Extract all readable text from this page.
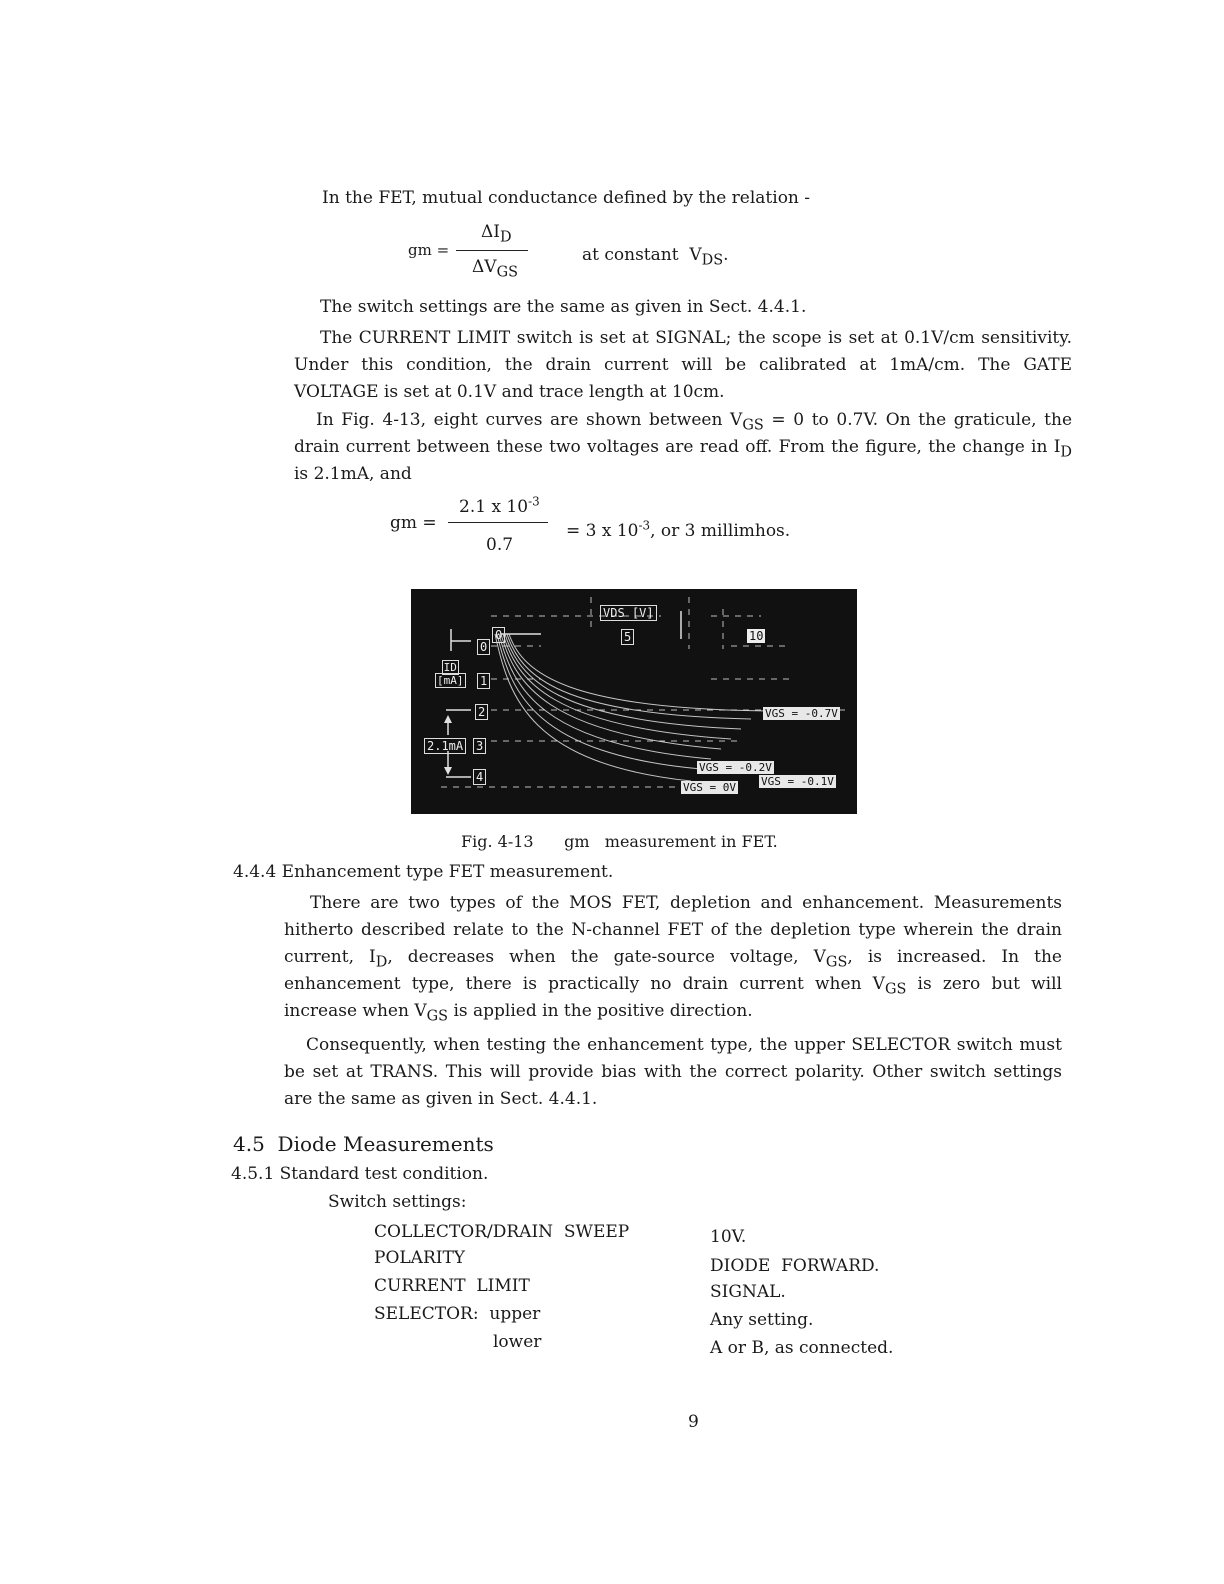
In the FET, mutual conductance defined by the relation -
gm =
$\Delta I_D$
$\Delta V_{GS}$
at constant $V_{DS}$.
The switch settings are the same as given in Sect. 4.4.1.
The CURRENT LIMIT switch is set at SIGNAL; the scope is set at 0.1V/cm sensitivity. Under this condition, the drain current will be calibrated at 1mA/cm. The GATE VOLTAGE is set at 0.1V and trace length at 10cm.
In Fig. 4-13, eight curves are shown between $V_{GS} = 0$ to 0.7V. On the graticule, the drain current between these two voltages are read off. From the figure, the change in $I_D$ is 2.1mA, and
gm =
2.1 x $10^{-3}$
0.7
= 3 x $10^{-3}$, or 3 millimhos.
VDS [V]
5	10
0
0
ID
[mA] 1
2
2.1mA 3
4
VGS = -0.7V
VGS = -0.2V
VGS = -0.1V
VGS = 0V
Fig. 4-13      gm   measurement in FET.
4.4.4 Enhancement type FET measurement.
There are two types of the MOS FET, depletion and enhancement. Measurements hitherto described relate to the N-channel FET of the depletion type wherein the drain current, $I_D$, decreases when the gate-source voltage, $V_{GS}$, is increased. In the enhancement type, there is practically no drain current when $V_{GS}$ is zero but will increase when $V_{GS}$ is applied in the positive direction.
Consequently, when testing the enhancement type, the upper SELECTOR switch must be set at TRANS. This will provide bias with the correct polarity. Other switch settings are the same as given in Sect. 4.4.1.
4.5 Diode Measurements
4.5.1 Standard test condition.
Switch settings:
COLLECTOR/DRAIN  SWEEP	10V.
POLARITY	DIODE  FORWARD.
CURRENT  LIMIT	SIGNAL.
SELECTOR:  upper	Any setting.
lower	A or B, as connected.
9
